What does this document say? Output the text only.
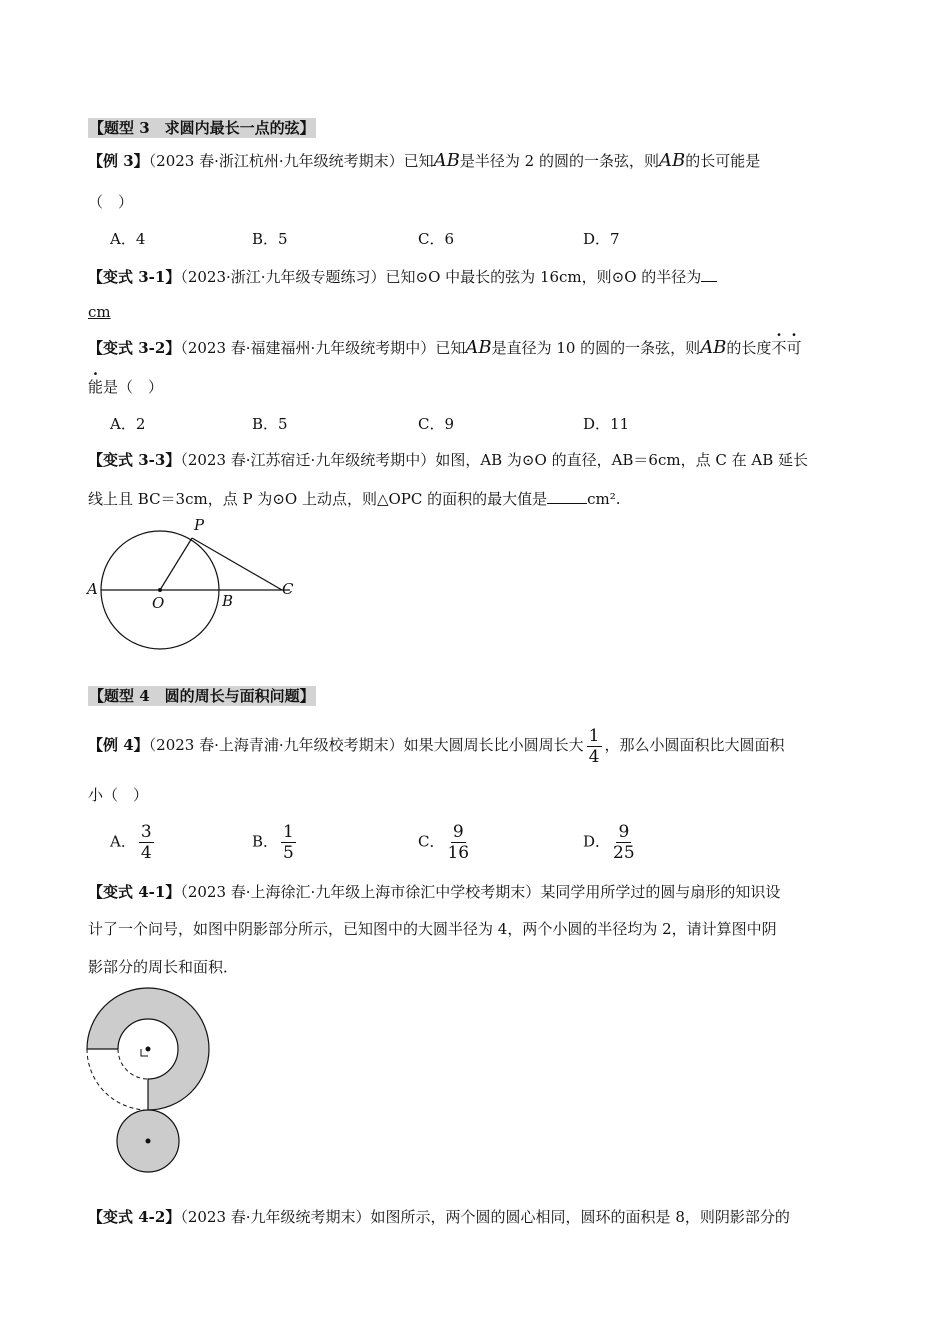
【题型 3　求圆内最长一点的弦】
【例 3】（2023 春·浙江杭州·九年级统考期末）已知AB是半径为 2 的圆的一条弦，则AB的长可能是
（　）
A．4	B．5	C．6	D．7
【变式 3-1】（2023·浙江·九年级专题练习）已知⊙O 中最长的弦为 16cm，则⊙O 的半径为
cm
【变式 3-2】（2023 春·福建福州·九年级统考期中）已知AB是直径为 10 的圆的一条弦，则AB的长度不可
能是（　）
A．2	B．5	C．9	D．11
【变式 3-3】（2023 春·江苏宿迁·九年级统考期中）如图，AB 为⊙O 的直径，AB＝6cm，点 C 在 AB 延长
线上且 BC＝3cm，点 P 为⊙O 上动点，则△OPC 的面积的最大值是	cm².
P
A
O	B
C
【题型 4　圆的周长与面积问题】
【例 4】（2023 春·上海青浦·九年级校考期末）如果大圆周长比小圆周长大 $\frac{1}{4}$ ，那么小圆面积比大圆面积
小（　）
A． $\frac{3}{4}$	B． $\frac{1}{5}$	C． $\frac{9}{16}$	D． $\frac{9}{25}$
【变式 4-1】（2023 春·上海徐汇·九年级上海市徐汇中学校考期末）某同学用所学过的圆与扇形的知识设
计了一个问号，如图中阴影部分所示，已知图中的大圆半径为 4，两个小圆的半径均为 2，请计算图中阴
影部分的周长和面积．
【变式 4-2】（2023 春·九年级统考期末）如图所示，两个圆的圆心相同，圆环的面积是 8，则阴影部分的
